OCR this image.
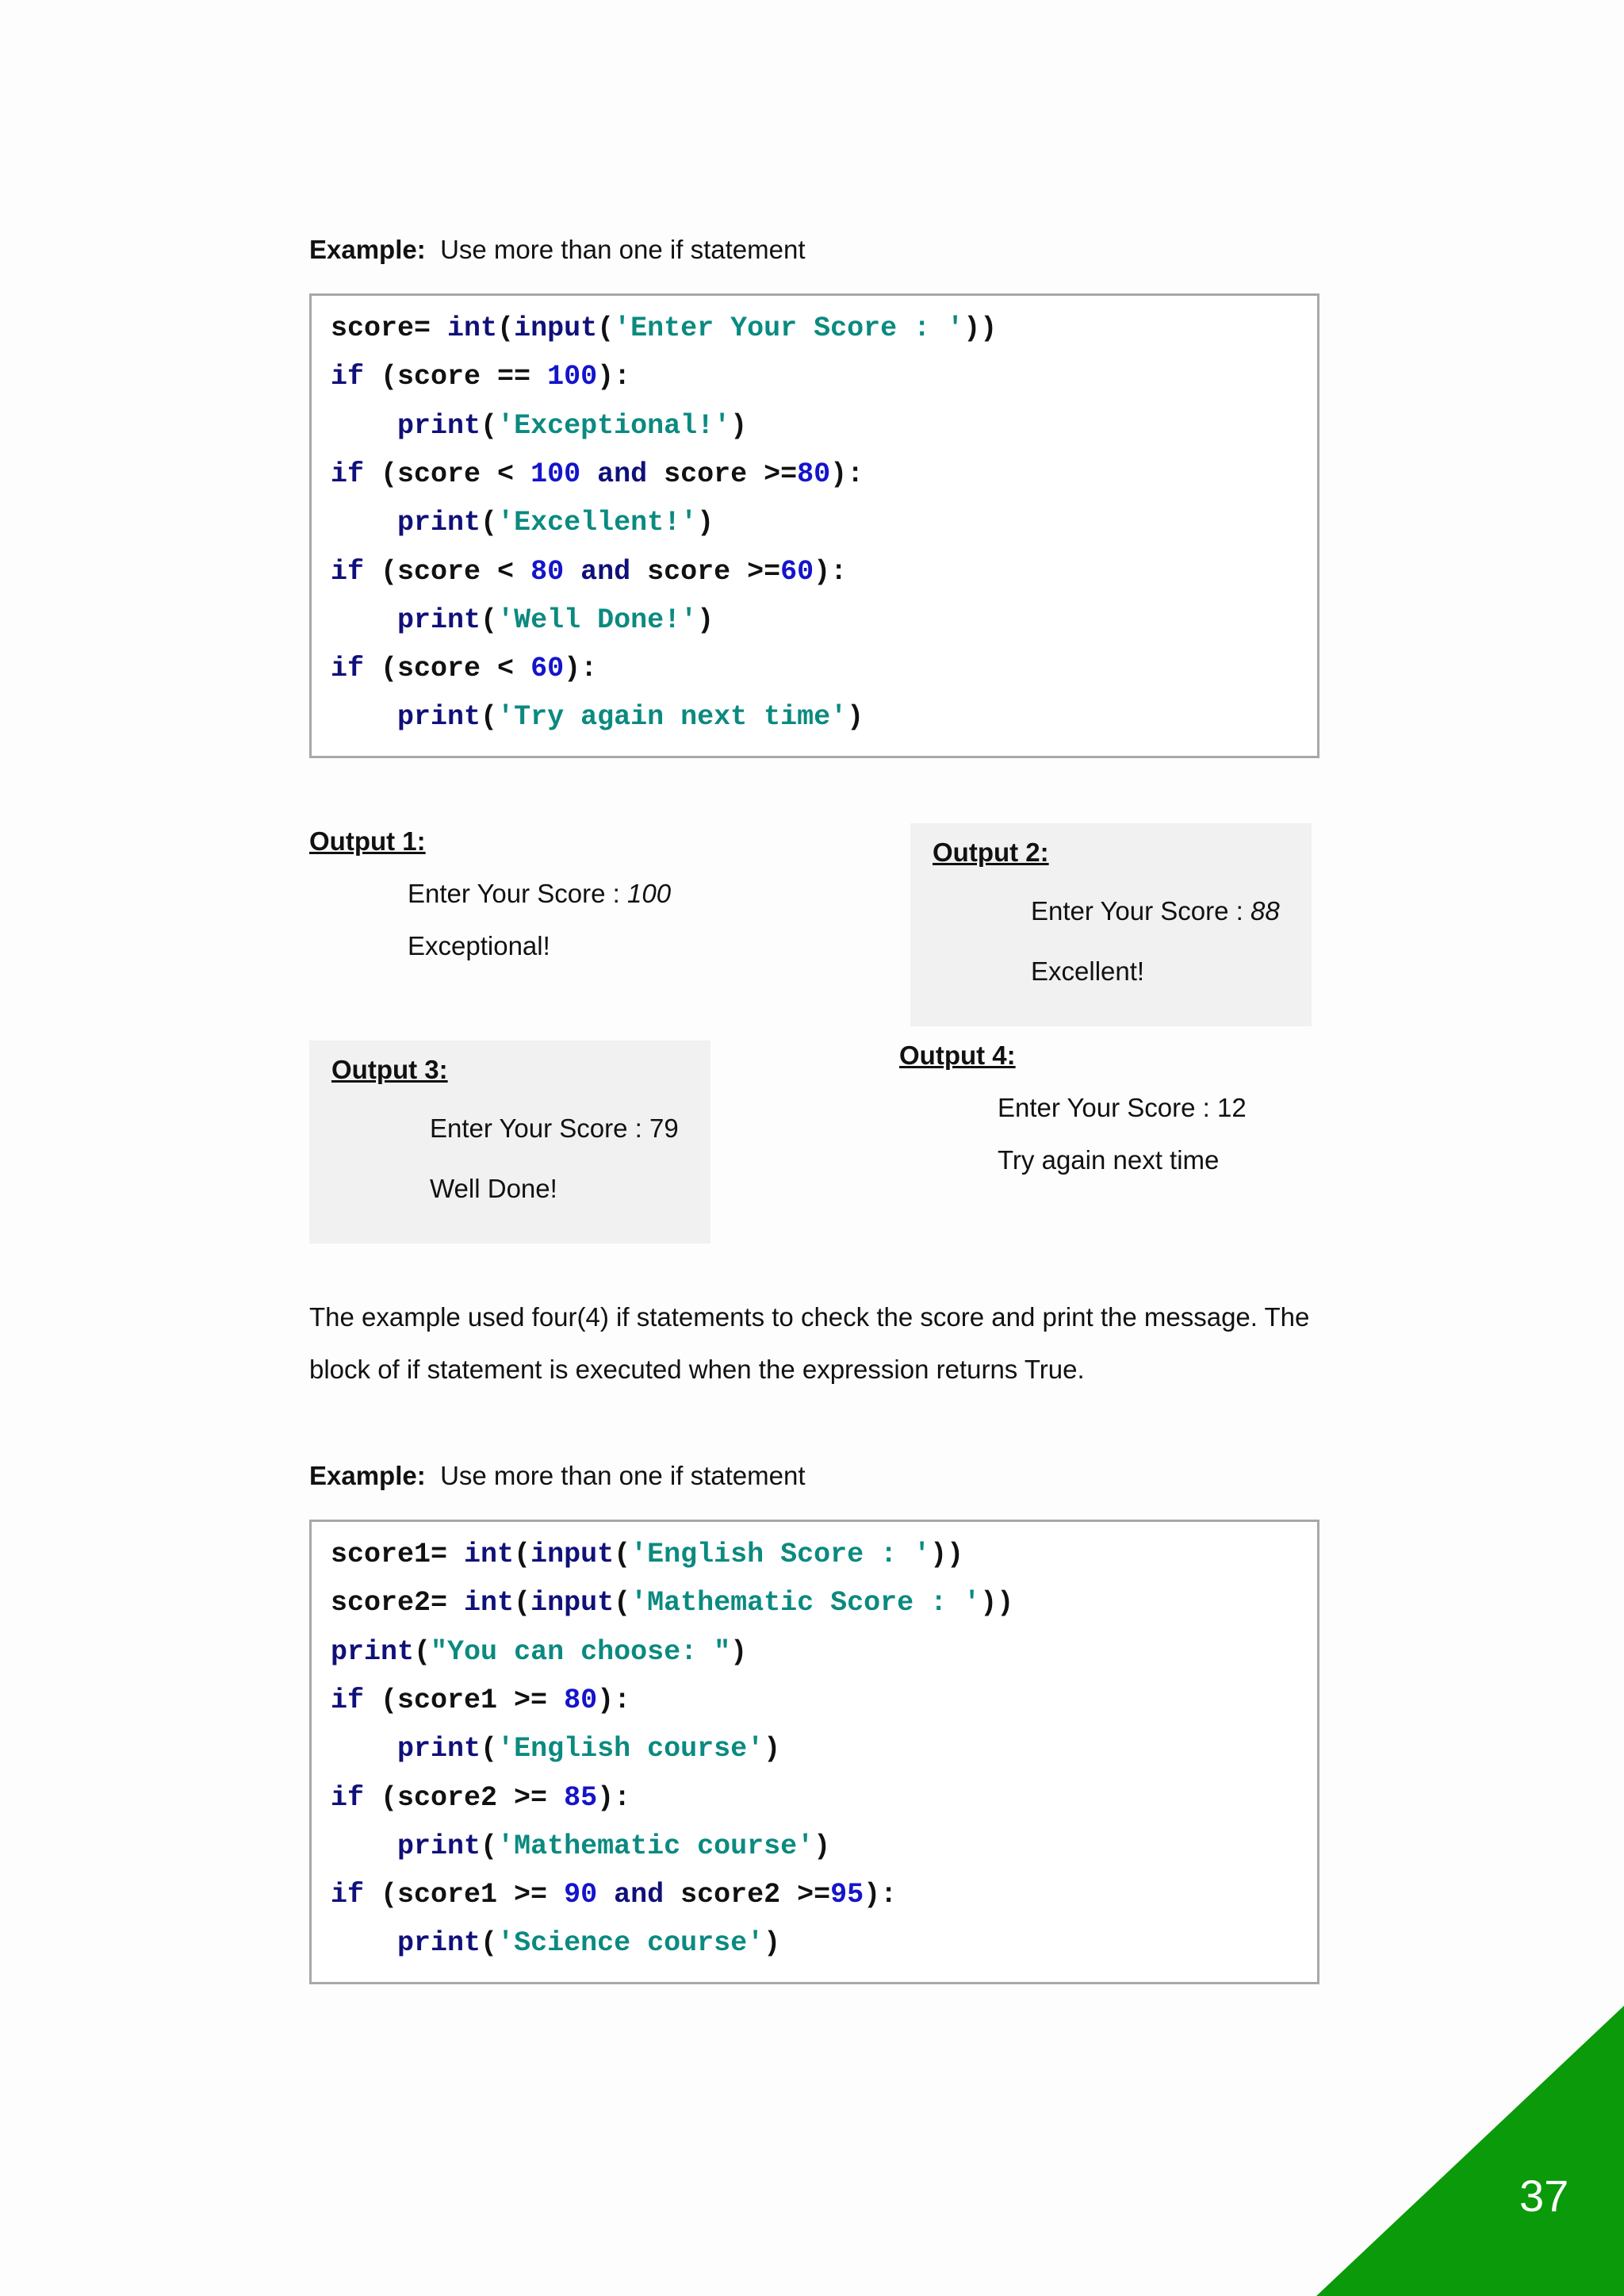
Example: Use more than one if statement
score= int(input('Enter Your Score : '))
if (score == 100):
print('Exceptional!')
if (score < 100 and score >=80):
print('Excellent!')
if (score < 80 and score >=60):
print('Well Done!')
if (score < 60):
print('Try again next time')
Output 1:
Enter Your Score : 100
Exceptional!
Output 2:
Enter Your Score : 88
Excellent!
Output 3:
Enter Your Score : 79
Well Done!
Output 4:
Enter Your Score : 12
Try again next time
The example used four(4) if statements to check the score and print the message. The
block of if statement is executed when the expression returns True.
Example: Use more than one if statement
score1= int(input('English Score : '))
score2= int(input('Mathematic Score : '))
print("You can choose: ")
if (score1 >= 80):
print('English course')
if (score2 >= 85):
print('Mathematic course')
if (score1 >= 90 and score2 >=95):
print('Science course')
37
